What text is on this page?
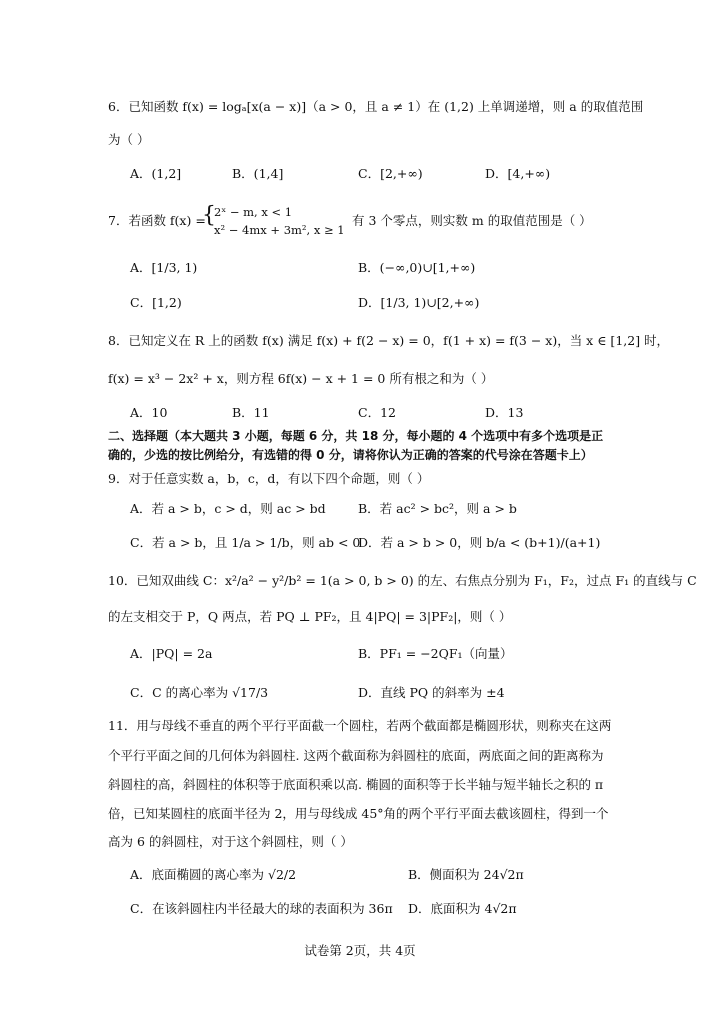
6．已知函数 f(x) = logₐ[x(a − x)]（a > 0，且 a ≠ 1）在 (1,2) 上单调递增，则 a 的取值范围
为（ ）
A．(1,2]	B．(1,4]	C．[2,+∞)	D．[4,+∞)
7．若函数 f(x) =
{
2ˣ − m, x < 1
x² − 4mx + 3m², x ≥ 1
有 3 个零点，则实数 m 的取值范围是（ ）
A．[1/3, 1)	B．(−∞,0)∪[1,+∞)
C．[1,2)	D．[1/3, 1)∪[2,+∞)
8．已知定义在 R 上的函数 f(x) 满足 f(x) + f(2 − x) = 0，f(1 + x) = f(3 − x)，当 x ∈ [1,2] 时，
f(x) = x³ − 2x² + x，则方程 6f(x) − x + 1 = 0 所有根之和为（ ）
A．10	B．11	C．12	D．13
二、选择题（本大题共 3 小题，每题 6 分，共 18 分，每小题的 4 个选项中有多个选项是正
确的，少选的按比例给分，有选错的得 0 分，请将你认为正确的答案的代号涂在答题卡上）
9．对于任意实数 a，b，c，d，有以下四个命题，则（ ）
A．若 a > b，c > d，则 ac > bd	B．若 ac² > bc²，则 a > b
C．若 a > b，且 1/a > 1/b，则 ab < 0
D．若 a > b > 0，则 b/a < (b+1)/(a+1)
10．已知双曲线 C：x²/a² − y²/b² = 1(a > 0, b > 0) 的左、右焦点分别为 F₁，F₂，过点 F₁ 的直线与 C
的左支相交于 P，Q 两点，若 PQ ⊥ PF₂，且 4|PQ| = 3|PF₂|，则（ ）
A．|PQ| = 2a	B．PF₁ = −2QF₁（向量）
C．C 的离心率为 √17/3	D．直线 PQ 的斜率为 ±4
11．用与母线不垂直的两个平行平面截一个圆柱，若两个截面都是椭圆形状，则称夹在这两
个平行平面之间的几何体为斜圆柱. 这两个截面称为斜圆柱的底面，两底面之间的距离称为
斜圆柱的高，斜圆柱的体积等于底面积乘以高. 椭圆的面积等于长半轴与短半轴长之积的 π
倍，已知某圆柱的底面半径为 2，用与母线成 45°角的两个平行平面去截该圆柱，得到一个
高为 6 的斜圆柱，对于这个斜圆柱，则（ ）
A．底面椭圆的离心率为 √2/2	B．侧面积为 24√2π
C．在该斜圆柱内半径最大的球的表面积为 36π D．底面积为 4√2π
试卷第 2页，共 4页
